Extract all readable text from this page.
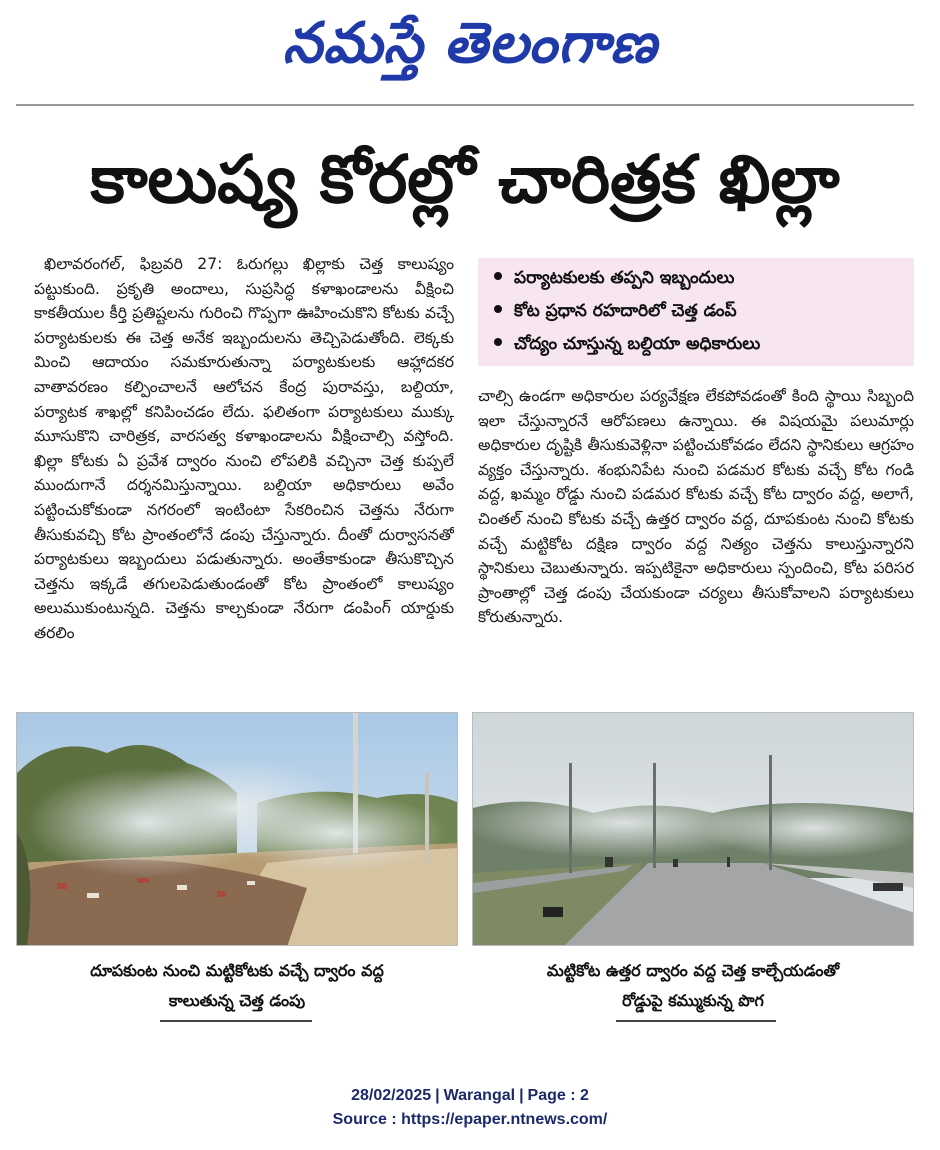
నమస్తే తెలంగాణ
కాలుష్య కోరల్లో చారిత్రక ఖిల్లా

ఖిలావరంగల్, ఫిబ్రవరి 27: ఓరుగల్లు ఖిల్లాకు చెత్త కాలుష్యం పట్టుకుంది. ప్రకృతి అందాలు, సుప్రసిద్ధ కళాఖండాలను వీక్షించి కాకతీయుల కీర్తి ప్రతిష్టలను గురించి గొప్పగా ఊహించుకొని కోటకు వచ్చే పర్యాటకులకు ఈ చెత్త అనేక ఇబ్బందులను తెచ్చిపెడుతోంది. లెక్కకు మించి ఆదాయం సమకూరుతున్నా పర్యాటకులకు ఆహ్లాదకర వాతావరణం కల్పించాలనే ఆలోచన కేంద్ర పురావస్తు, బల్దియా, పర్యాటక శాఖల్లో కనిపించడం లేదు. ఫలితంగా పర్యాటకులు ముక్కు మూసుకొని చారిత్రక, వారసత్వ కళాఖండాలను వీక్షించాల్సి వస్తోంది. ఖిల్లా కోటకు ఏ ప్రవేశ ద్వారం నుంచి లోపలికి వచ్చినా చెత్త కుప్పలే ముందుగానే దర్శనమిస్తున్నాయి. బల్దియా అధికారులు అవేం పట్టించుకోకుండా నగరంలో ఇంటింటా సేకరించిన చెత్తను నేరుగా తీసుకువచ్చి కోట ప్రాంతంలోనే డంపు చేస్తున్నారు. దీంతో దుర్వాసనతో పర్యాటకులు ఇబ్బందులు పడుతున్నారు. అంతేకాకుండా తీసుకొచ్చిన చెత్తను ఇక్కడే తగులపెడుతుండంతో కోట ప్రాంతంలో కాలుష్యం అలుముకుంటున్నది. చెత్తను కాల్చకుండా నేరుగా డంపింగ్ యార్డుకు తరలిం

పర్యాటకులకు తప్పని ఇబ్బందులు
కోట ప్రధాన రహదారిలో చెత్త డంప్
చోద్యం చూస్తున్న బల్దియా అధికారులు

చాల్సి ఉండగా అధికారుల పర్యవేక్షణ లేకపోవడంతో కింది స్థాయి సిబ్బంది ఇలా చేస్తున్నారనే ఆరోపణలు ఉన్నాయి. ఈ విషయమై పలుమార్లు అధికారుల దృష్టికి తీసుకువెళ్లినా పట్టించుకోవడం లేదని స్థానికులు ఆగ్రహం వ్యక్తం చేస్తున్నారు. శంభునిపేట నుంచి పడమర కోటకు వచ్చే కోట గండి వద్ద, ఖమ్మం రోడ్డు నుంచి పడమర కోటకు వచ్చే కోట ద్వారం వద్ద, అలాగే, చింతల్ నుంచి కోటకు వచ్చే ఉత్తర ద్వారం వద్ద, దూపకుంట నుంచి కోటకు వచ్చే మట్టికోట దక్షిణ ద్వారం వద్ద నిత్యం చెత్తను కాలుస్తున్నారని స్థానికులు చెబుతున్నారు. ఇప్పటికైనా అధికారులు స్పందించి, కోట పరిసర ప్రాంతాల్లో చెత్త డంపు చేయకుండా చర్యలు తీసుకోవాలని పర్యాటకులు కోరుతున్నారు.

దూపకుంట నుంచి మట్టికోటకు వచ్చే ద్వారం వద్ద
కాలుతున్న చెత్త డంపు
మట్టికోట ఉత్తర ద్వారం వద్ద చెత్త కాల్చేయడంతో
రోడ్డుపై కమ్ముకున్న పొగ
28/02/2025 | Warangal | Page : 2
Source : https://epaper.ntnews.com/
